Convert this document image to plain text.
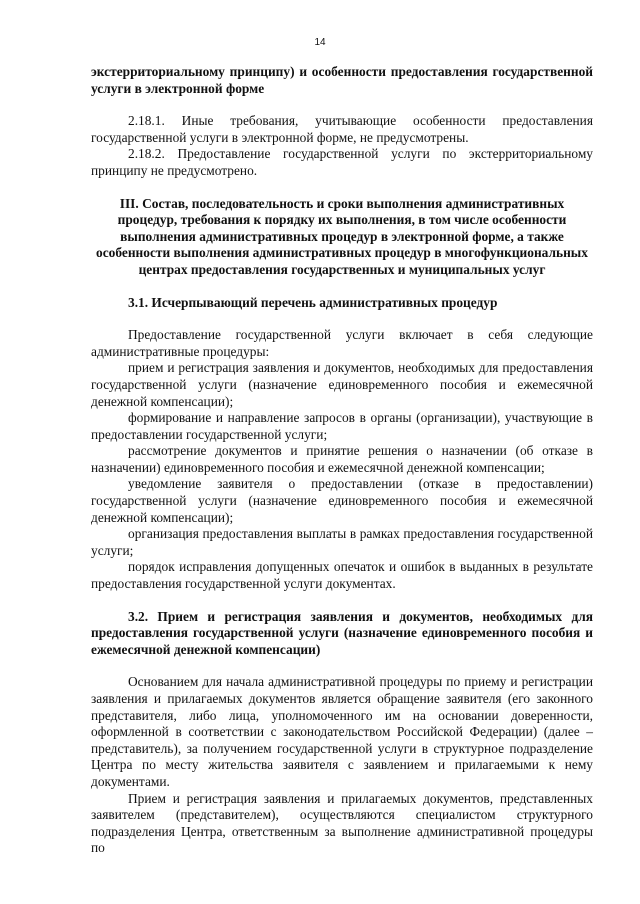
14

экстерриториальному принципу) и особенности предоставления государственной услуги в электронной форме

2.18.1. Иные требования, учитывающие особенности предоставления государственной услуги в электронной форме, не предусмотрены.

2.18.2. Предоставление государственной услуги по экстерриториальному принципу не предусмотрено.

III. Состав, последовательность и сроки выполнения административных процедур, требования к порядку их выполнения, в том числе особенности выполнения административных процедур в электронной форме, а также особенности выполнения административных процедур в многофункциональных центрах предоставления государственных и муниципальных услуг

3.1. Исчерпывающий перечень административных процедур

Предоставление государственной услуги включает в себя следующие административные процедуры:

прием и регистрация заявления и документов, необходимых для предоставления государственной услуги (назначение единовременного пособия и ежемесячной денежной компенсации);

формирование и направление запросов в органы (организации), участвующие в предоставлении государственной услуги;

рассмотрение документов и принятие решения о назначении (об отказе в назначении) единовременного пособия и ежемесячной денежной компенсации;

уведомление заявителя о предоставлении (отказе в предоставлении) государственной услуги (назначение единовременного пособия и ежемесячной денежной компенсации);

организация предоставления выплаты в рамках предоставления государственной услуги;

порядок исправления допущенных опечаток и ошибок в выданных в результате предоставления государственной услуги документах.

3.2. Прием и регистрация заявления и документов, необходимых для предоставления государственной услуги (назначение единовременного пособия и ежемесячной денежной компенсации)

Основанием для начала административной процедуры по приему и регистрации заявления и прилагаемых документов является обращение заявителя (его законного представителя, либо лица, уполномоченного им на основании доверенности, оформленной в соответствии с законодательством Российской Федерации) (далее – представитель), за получением государственной услуги в структурное подразделение Центра по месту жительства заявителя с заявлением и прилагаемыми к нему документами.

Прием и регистрация заявления и прилагаемых документов, представленных заявителем (представителем), осуществляются специалистом структурного подразделения Центра, ответственным за выполнение административной процедуры по
